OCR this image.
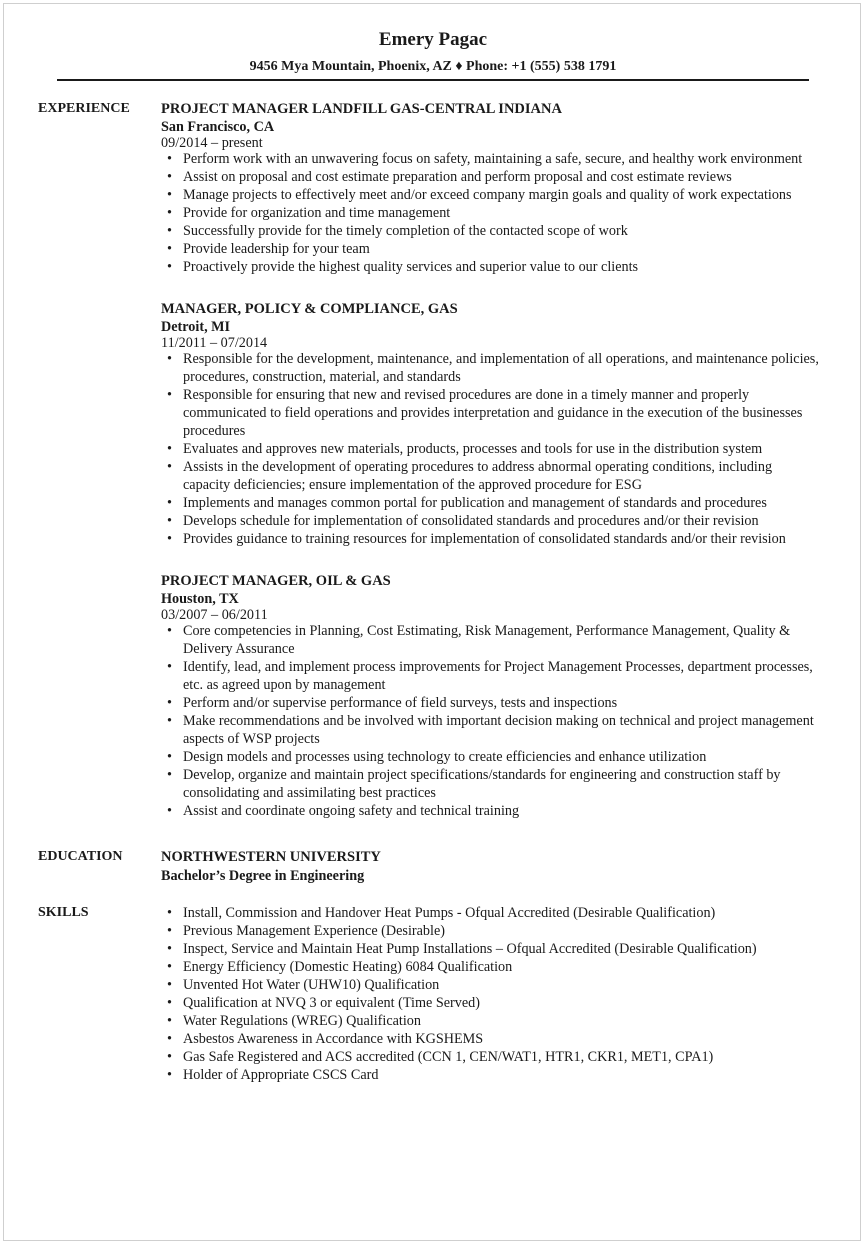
Emery Pagac
9456 Mya Mountain, Phoenix, AZ ♦ Phone: +1 (555) 538 1791
EXPERIENCE PROJECT MANAGER LANDFILL GAS-CENTRAL INDIANA
San Francisco, CA
09/2014 – present
• Perform work with an unwavering focus on safety, maintaining a safe, secure, and healthy work environment
• Assist on proposal and cost estimate preparation and perform proposal and cost estimate reviews
• Manage projects to effectively meet and/or exceed company margin goals and quality of work expectations
• Provide for organization and time management
• Successfully provide for the timely completion of the contacted scope of work
• Provide leadership for your team
• Proactively provide the highest quality services and superior value to our clients
MANAGER, POLICY & COMPLIANCE, GAS
Detroit, MI
11/2011 – 07/2014
• Responsible for the development, maintenance, and implementation of all operations, and maintenance policies, procedures, construction, material, and standards
• Responsible for ensuring that new and revised procedures are done in a timely manner and properly communicated to field operations and provides interpretation and guidance in the execution of the businesses procedures
• Evaluates and approves new materials, products, processes and tools for use in the distribution system
• Assists in the development of operating procedures to address abnormal operating conditions, including capacity deficiencies; ensure implementation of the approved procedure for ESG
• Implements and manages common portal for publication and management of standards and procedures
• Develops schedule for implementation of consolidated standards and procedures and/or their revision
• Provides guidance to training resources for implementation of consolidated standards and/or their revision
PROJECT MANAGER, OIL & GAS
Houston, TX
03/2007 – 06/2011
• Core competencies in Planning, Cost Estimating, Risk Management, Performance Management, Quality & Delivery Assurance
• Identify, lead, and implement process improvements for Project Management Processes, department processes, etc. as agreed upon by management
• Perform and/or supervise performance of field surveys, tests and inspections
• Make recommendations and be involved with important decision making on technical and project management aspects of WSP projects
• Design models and processes using technology to create efficiencies and enhance utilization
• Develop, organize and maintain project specifications/standards for engineering and construction staff by consolidating and assimilating best practices
• Assist and coordinate ongoing safety and technical training
EDUCATION	NORTHWESTERN UNIVERSITY
Bachelor’s Degree in Engineering
SKILLS
•	Install, Commission and Handover Heat Pumps - Ofqual Accredited (Desirable Qualification)
• Previous Management Experience (Desirable)
• Inspect, Service and Maintain Heat Pump Installations – Ofqual Accredited (Desirable Qualification)
• Energy Efficiency (Domestic Heating) 6084 Qualification
• Unvented Hot Water (UHW10) Qualification
• Qualification at NVQ 3 or equivalent (Time Served)
• Water Regulations (WREG) Qualification
• Asbestos Awareness in Accordance with KGSHEMS
• Gas Safe Registered and ACS accredited (CCN 1, CEN/WAT1, HTR1, CKR1, MET1, CPA1)
• Holder of Appropriate CSCS Card
